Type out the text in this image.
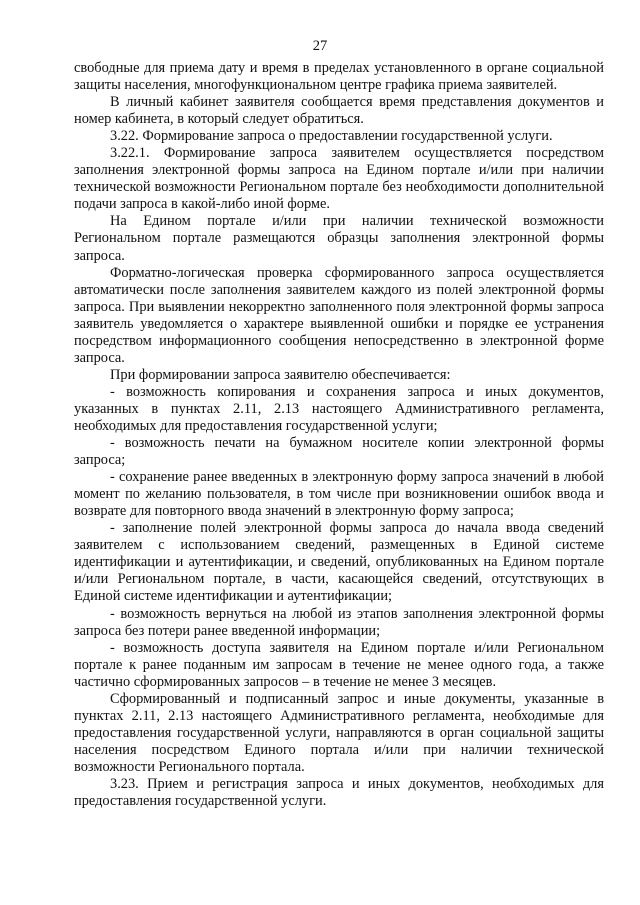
27

свободные для приема дату и время в пределах установленного в органе социальной защиты населения, многофункциональном центре графика приема заявителей.

В личный кабинет заявителя сообщается время представления документов и номер кабинета, в который следует обратиться.

3.22. Формирование запроса о предоставлении государственной услуги.

3.22.1. Формирование запроса заявителем осуществляется посредством заполнения электронной формы запроса на Едином портале и/или при наличии технической возможности Региональном портале без необходимости дополнительной подачи запроса в какой-либо иной форме.

На Едином портале и/или при наличии технической возможности Региональном портале размещаются образцы заполнения электронной формы запроса.

Форматно-логическая проверка сформированного запроса осуществляется автоматически после заполнения заявителем каждого из полей электронной формы запроса. При выявлении некорректно заполненного поля электронной формы запроса заявитель уведомляется о характере выявленной ошибки и порядке ее устранения посредством информационного сообщения непосредственно в электронной форме запроса.

При формировании запроса заявителю обеспечивается:

- возможность копирования и сохранения запроса и иных документов, указанных в пунктах 2.11, 2.13 настоящего Административного регламента, необходимых для предоставления государственной услуги;

- возможность печати на бумажном носителе копии электронной формы запроса;

- сохранение ранее введенных в электронную форму запроса значений в любой момент по желанию пользователя, в том числе при возникновении ошибок ввода и возврате для повторного ввода значений в электронную форму запроса;

- заполнение полей электронной формы запроса до начала ввода сведений заявителем с использованием сведений, размещенных в Единой системе идентификации и аутентификации, и сведений, опубликованных на Едином портале и/или Региональном портале, в части, касающейся сведений, отсутствующих в Единой системе идентификации и аутентификации;

- возможность вернуться на любой из этапов заполнения электронной формы запроса без потери ранее введенной информации;

- возможность доступа заявителя на Едином портале и/или Региональном портале к ранее поданным им запросам в течение не менее одного года, а также частично сформированных запросов – в течение не менее 3 месяцев.

Сформированный и подписанный запрос и иные документы, указанные в пунктах 2.11, 2.13 настоящего Административного регламента, необходимые для предоставления государственной услуги, направляются в орган социальной защиты населения посредством Единого портала и/или при наличии технической возможности Регионального портала.

3.23. Прием и регистрация запроса и иных документов, необходимых для предоставления государственной услуги.
